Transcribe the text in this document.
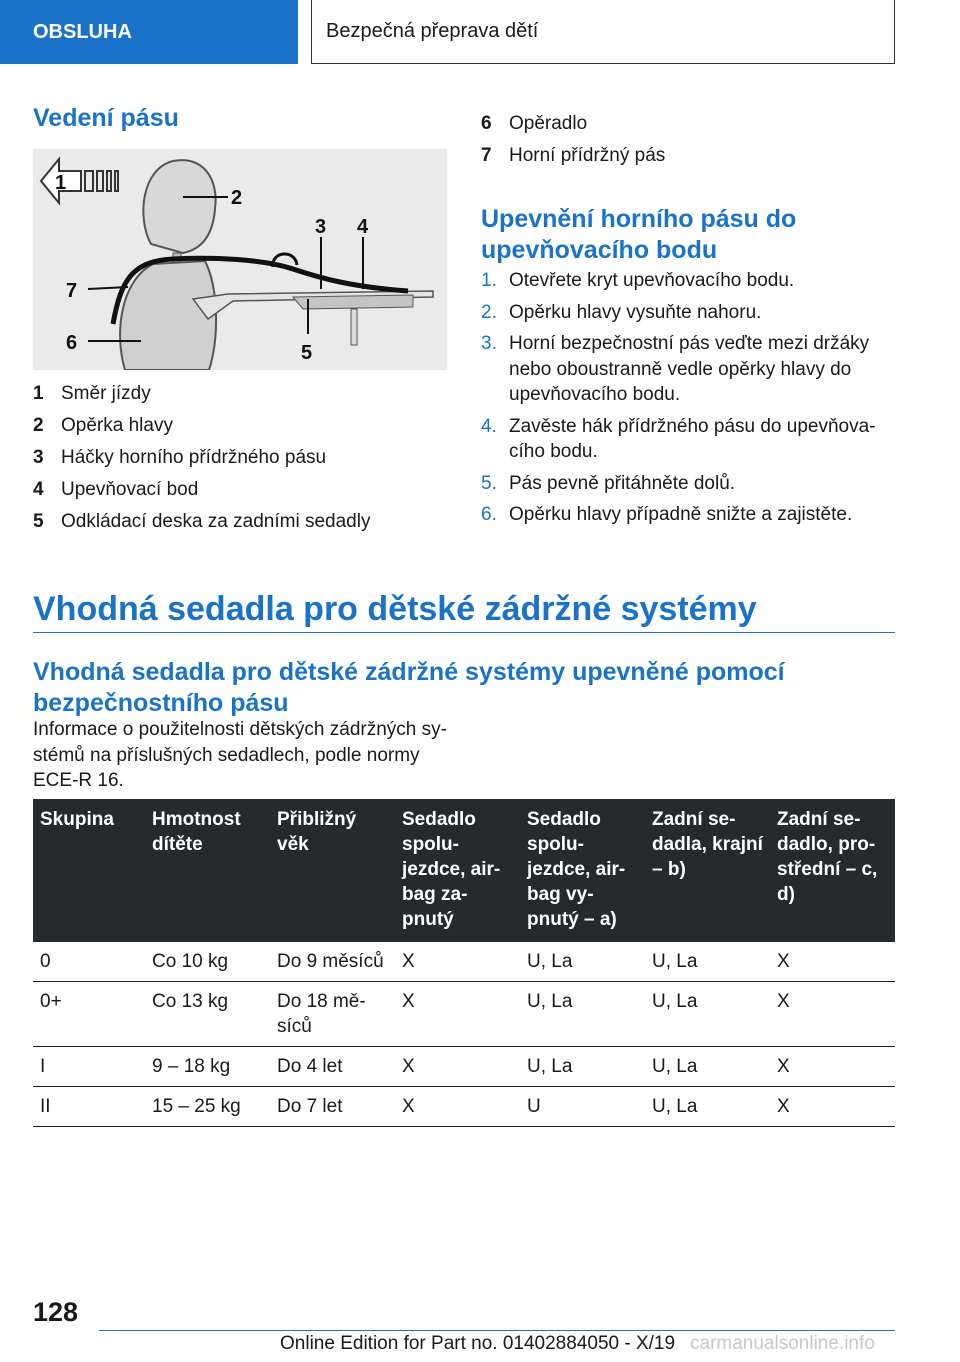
OBSLUHA	Bezpečná přeprava dětí
Vedení pásu
1
2
3 4
5
6
7
1 Směr jízdy
2 Opěrka hlavy
3 Háčky horního přídržného pásu
4 Upevňovací bod
5 Odkládací deska za zadními sedadly
6 Opěradlo
7 Horní přídržný pás
Upevnění horního pásu do upevňovacího bodu
1. Otevřete kryt upevňovacího bodu.
2. Opěrku hlavy vysuňte nahoru.
3. Horní bezpečnostní pás veďte mezi držáky nebo oboustranně vedle opěrky hlavy do upevňovacího bodu.
4. Zavěste hák přídržného pásu do upevňova-cího bodu.
5. Pás pevně přitáhněte dolů.
6. Opěrku hlavy případně snižte a zajistěte.
Vhodná sedadla pro dětské zádržné systémy
Vhodná sedadla pro dětské zádržné systémy upevněné pomocí bezpečnostního pásu

Informace o použitelnosti dětských zádržných sy-stémů na příslušných sedadlech, podle normy ECE-R 16.

Skupina	Hmotnost dítěte	Přibližný věk	Sedadlo spolu-jezdce, air-bag za-pnutý	Sedadlo spolu-jezdce, air-bag vy-pnutý – a)	Zadní se-dadla, krajní – b)	Zadní se-dadlo, pro-střední – c, d)
0	Co 10 kg	Do 9 měsíců	X	U, La	U, La	X
0+	Co 13 kg	Do 18 mě-síců	X	U, La	U, La	X
I	9 – 18 kg	Do 4 let	X	U, La	U, La	X
II	15 – 25 kg	Do 7 let	X	U	U, La	X
128
Online Edition for Part no. 01402884050 - X/19 carmanualsonline.info
